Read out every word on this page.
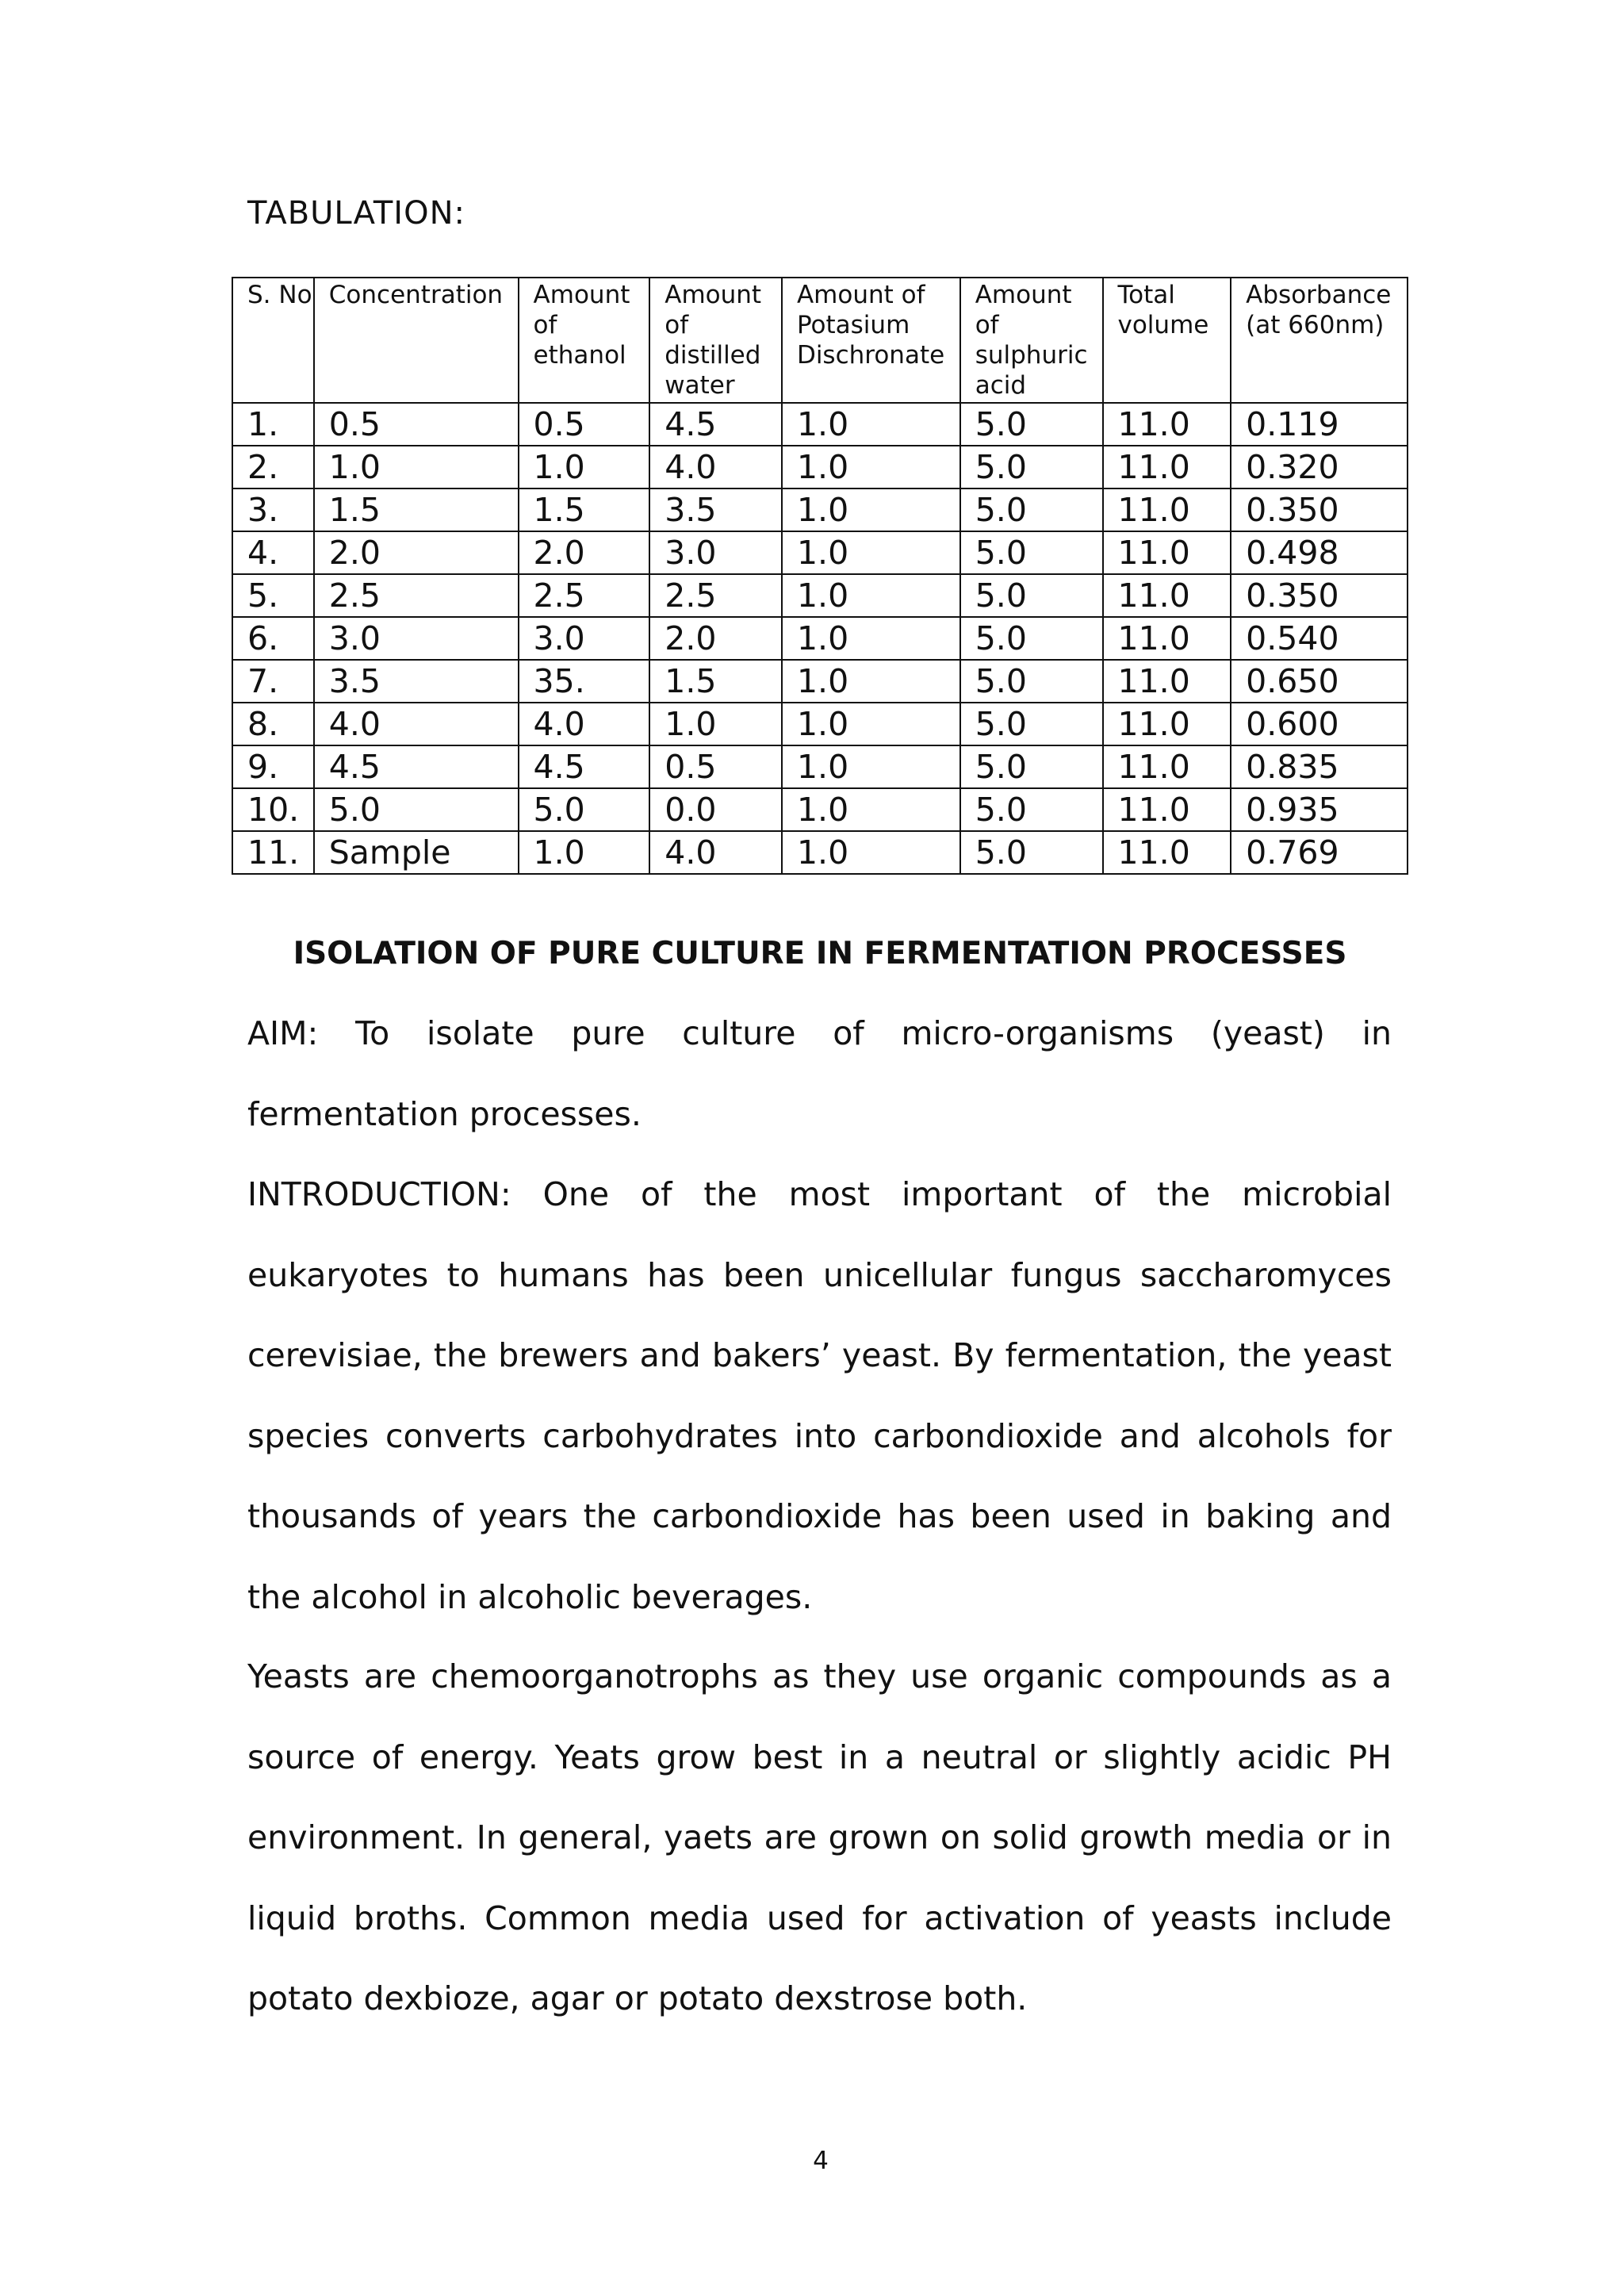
TABULATION:
S. No	Concentration	Amount of ethanol	Amount of distilled water	Amount of Potasium Dischronate	Amount of sulphuric acid	Total volume	Absorbance (at 660nm)
1.	0.5	0.5	4.5	1.0	5.0	11.0	0.119
2.	1.0	1.0	4.0	1.0	5.0	11.0	0.320
3.	1.5	1.5	3.5	1.0	5.0	11.0	0.350
4.	2.0	2.0	3.0	1.0	5.0	11.0	0.498
5.	2.5	2.5	2.5	1.0	5.0	11.0	0.350
6.	3.0	3.0	2.0	1.0	5.0	11.0	0.540
7.	3.5	35.	1.5	1.0	5.0	11.0	0.650
8.	4.0	4.0	1.0	1.0	5.0	11.0	0.600
9.	4.5	4.5	0.5	1.0	5.0	11.0	0.835
10.	5.0	5.0	0.0	1.0	5.0	11.0	0.935
11.	Sample	1.0	4.0	1.0	5.0	11.0	0.769
ISOLATION OF PURE CULTURE IN FERMENTATION PROCESSES
AIM: To isolate pure culture of micro-organisms (yeast) in fermentation processes.
INTRODUCTION: One of the most important of the microbial eukaryotes to humans has been unicellular fungus saccharomyces cerevisiae, the brewers and bakers’ yeast. By fermentation, the yeast species converts carbohydrates into carbondioxide and alcohols for thousands of years the carbondioxide has been used in baking and the alcohol in alcoholic beverages.
Yeasts are chemoorganotrophs as they use organic compounds as a source of energy. Yeats grow best in a neutral or slightly acidic PH environment. In general, yaets are grown on solid growth media or in liquid broths. Common media used for activation of yeasts include potato dexbioze, agar or potato dexstrose both.
4
